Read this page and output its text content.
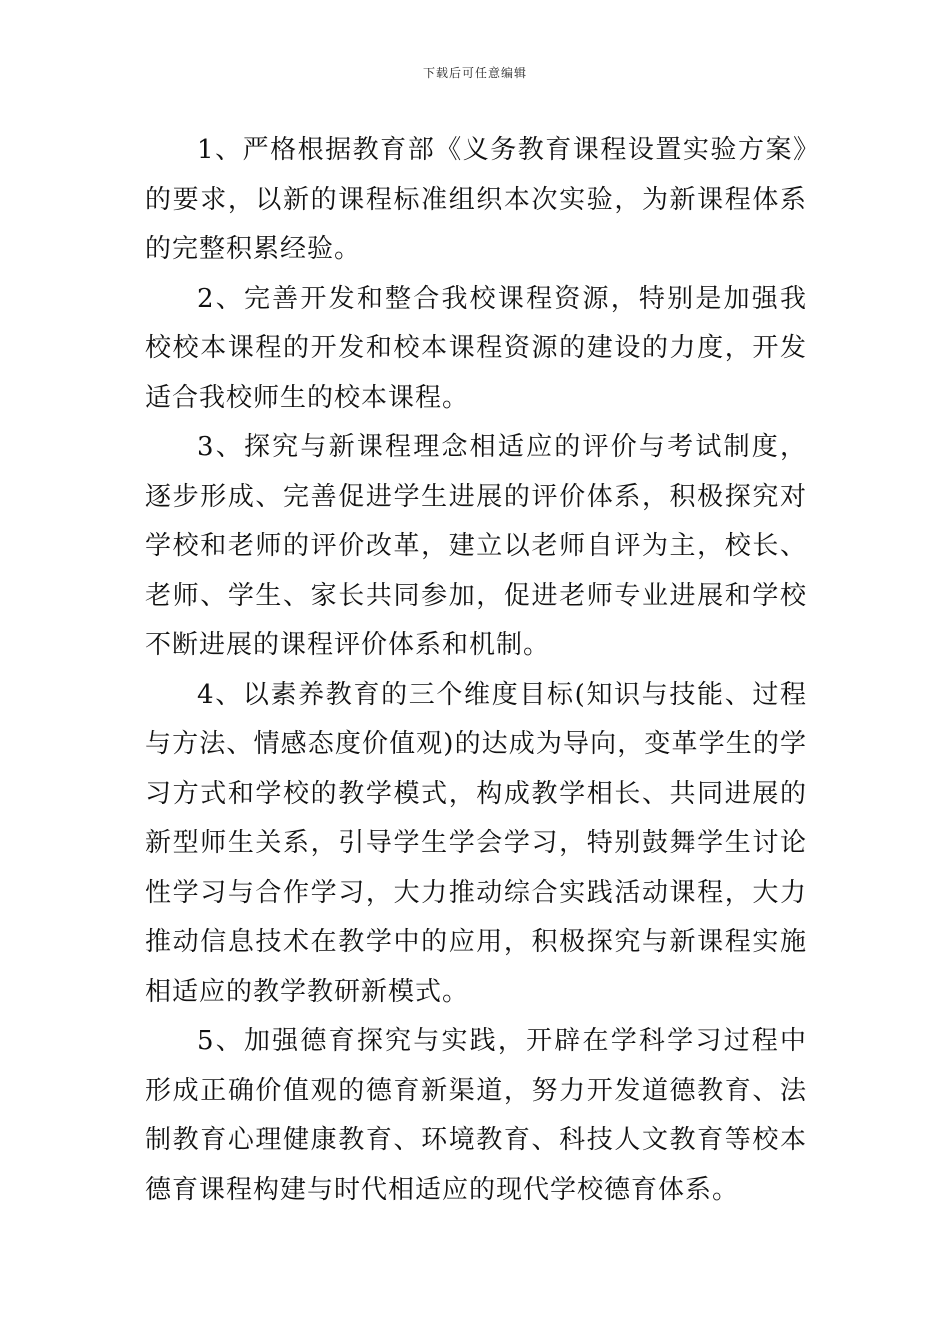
下载后可任意编辑

1、严格根据教育部《义务教育课程设置实验方案》的要求，以新的课程标准组织本次实验，为新课程体系的完整积累经验。

2、完善开发和整合我校课程资源，特别是加强我校校本课程的开发和校本课程资源的建设的力度，开发适合我校师生的校本课程。

3、探究与新课程理念相适应的评价与考试制度，逐步形成、完善促进学生进展的评价体系，积极探究对学校和老师的评价改革，建立以老师自评为主，校长、老师、学生、家长共同参加，促进老师专业进展和学校不断进展的课程评价体系和机制。

4、以素养教育的三个维度目标(知识与技能、过程与方法、情感态度价值观)的达成为导向，变革学生的学习方式和学校的教学模式，构成教学相长、共同进展的新型师生关系，引导学生学会学习，特别鼓舞学生讨论性学习与合作学习，大力推动综合实践活动课程，大力推动信息技术在教学中的应用，积极探究与新课程实施相适应的教学教研新模式。

5、加强德育探究与实践，开辟在学科学习过程中形成正确价值观的德育新渠道，努力开发道德教育、法制教育心理健康教育、环境教育、科技人文教育等校本德育课程构建与时代相适应的现代学校德育体系。
